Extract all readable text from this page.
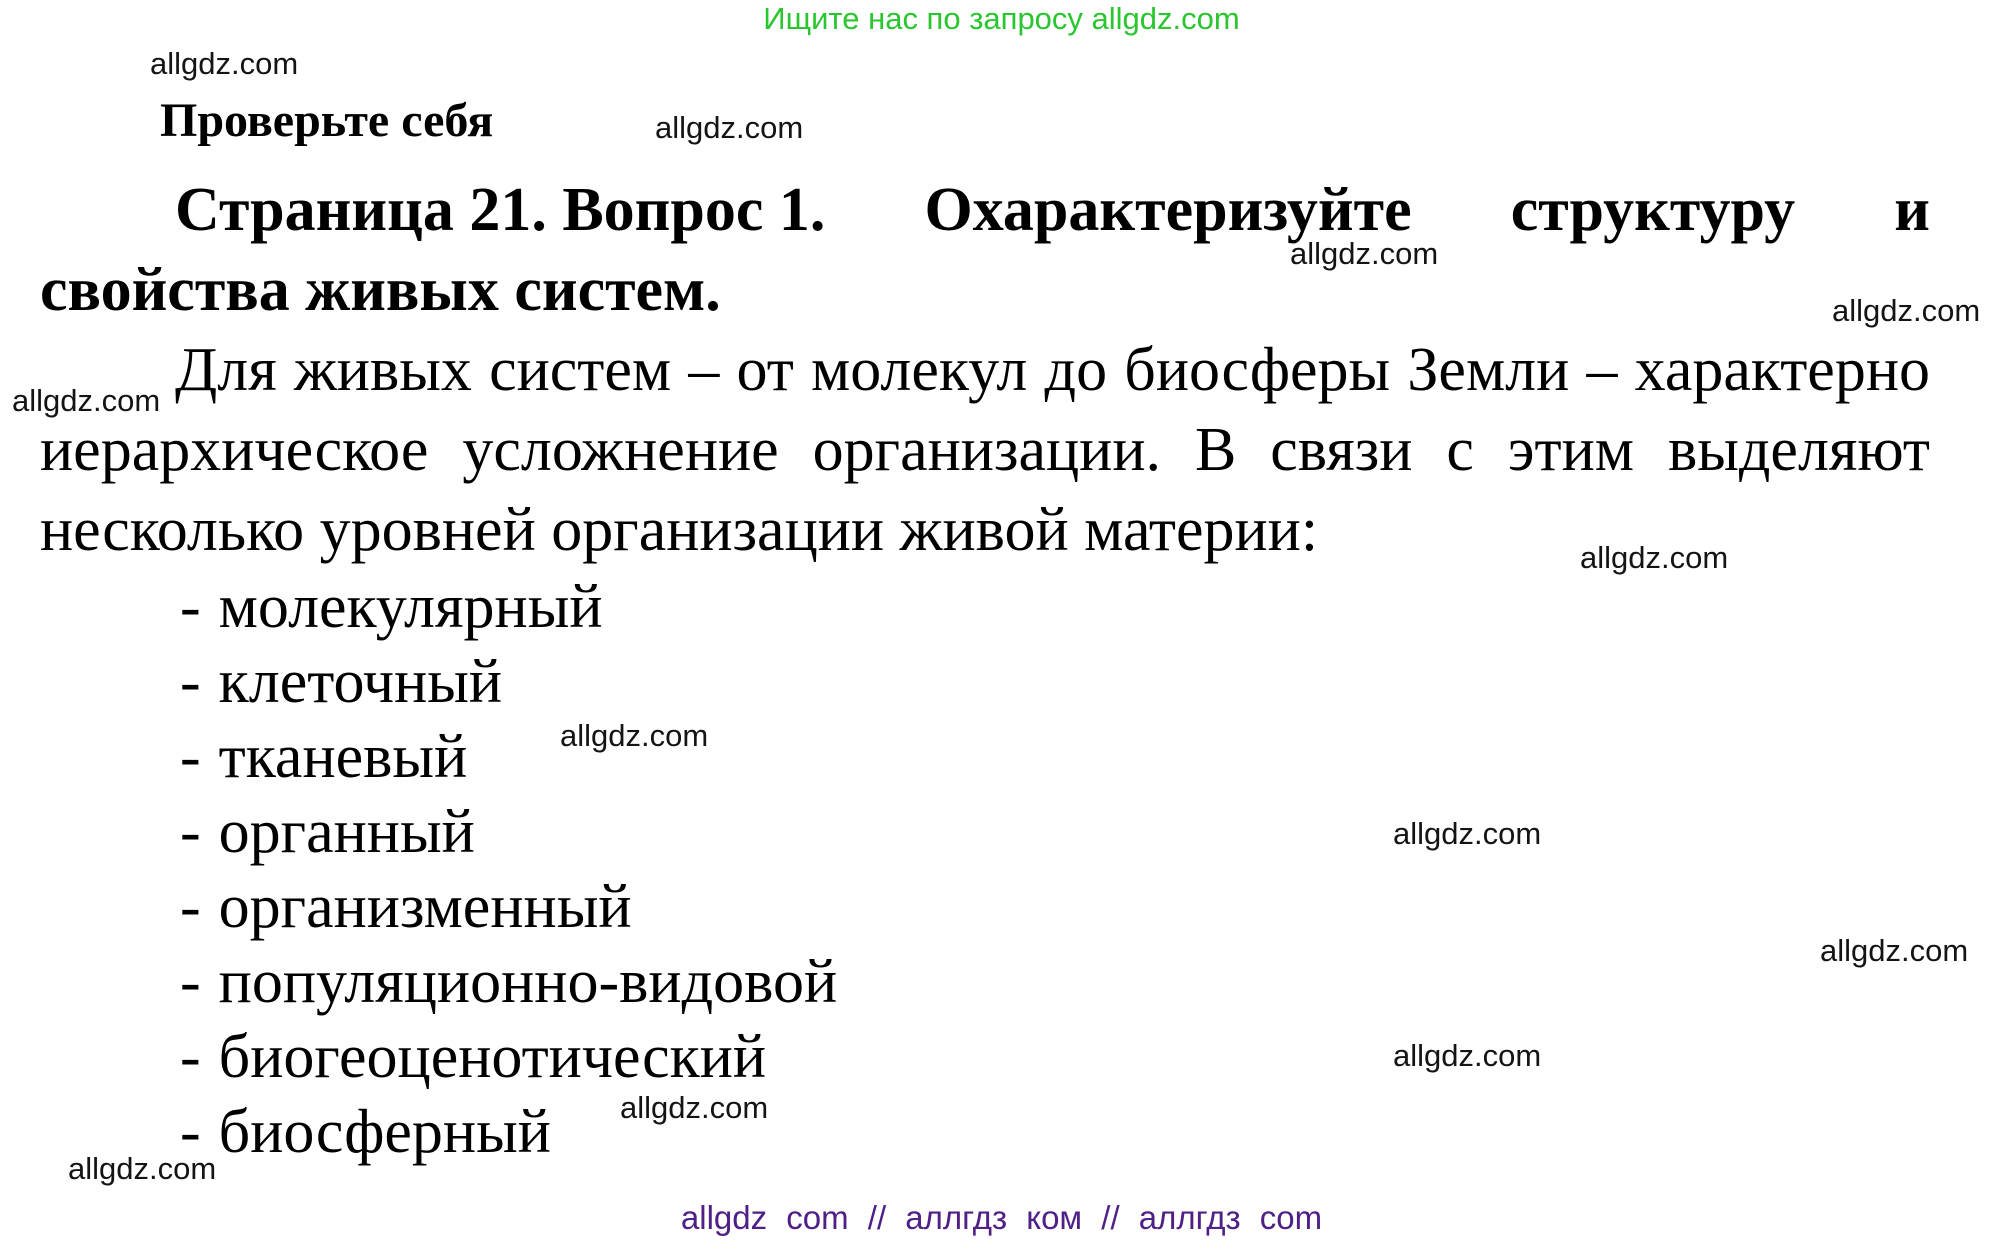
Ищите нас по запросу allgdz.com
allgdz.com
allgdz.com
allgdz.com
allgdz.com
allgdz.com
allgdz.com
allgdz.com
allgdz.com
allgdz.com
allgdz.com
allgdz.com
allgdz.com
Проверьте себя
Страница 21. Вопрос 1. Охарактеризуйте структуру и
свойства живых систем.
Для живых систем – от молекул до биосферы Земли – характерно
иерархическое усложнение организации. В связи с этим выделяют
несколько уровней организации живой материи:
- молекулярный
- клеточный
- тканевый
- органный
- организменный
- популяционно-видовой
- биогеоценотический
- биосферный
allgdz com // аллгдз ком // аллгдз com
